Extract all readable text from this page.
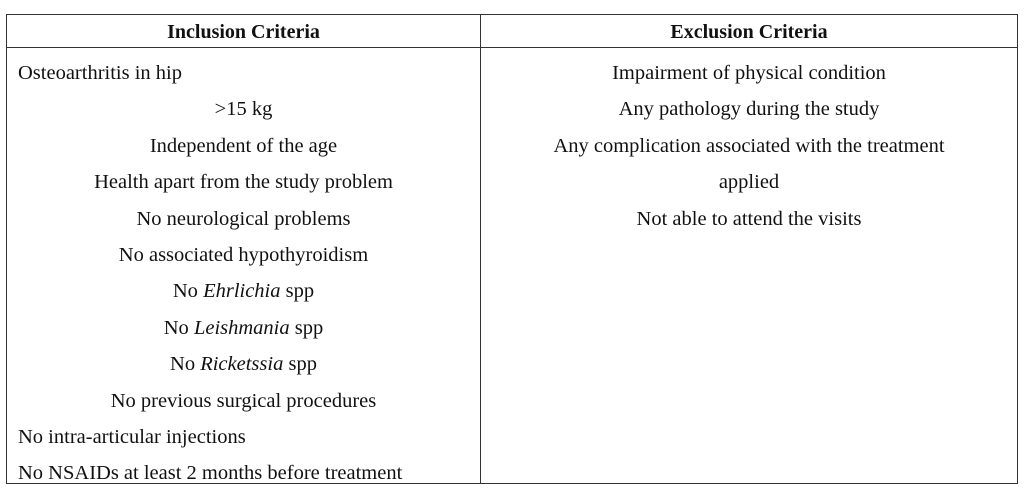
Inclusion Criteria	Exclusion Criteria
Osteoarthritis in hip
>15 kg
Independent of the age
Health apart from the study problem
No neurological problems
No associated hypothyroidism
No Ehrlichia spp
No Leishmania spp
No Ricketssia spp
No previous surgical procedures
No intra-articular injections
No NSAIDs at least 2 months before treatment
Impairment of physical condition
Any pathology during the study
Any complication associated with the treatment
applied
Not able to attend the visits
